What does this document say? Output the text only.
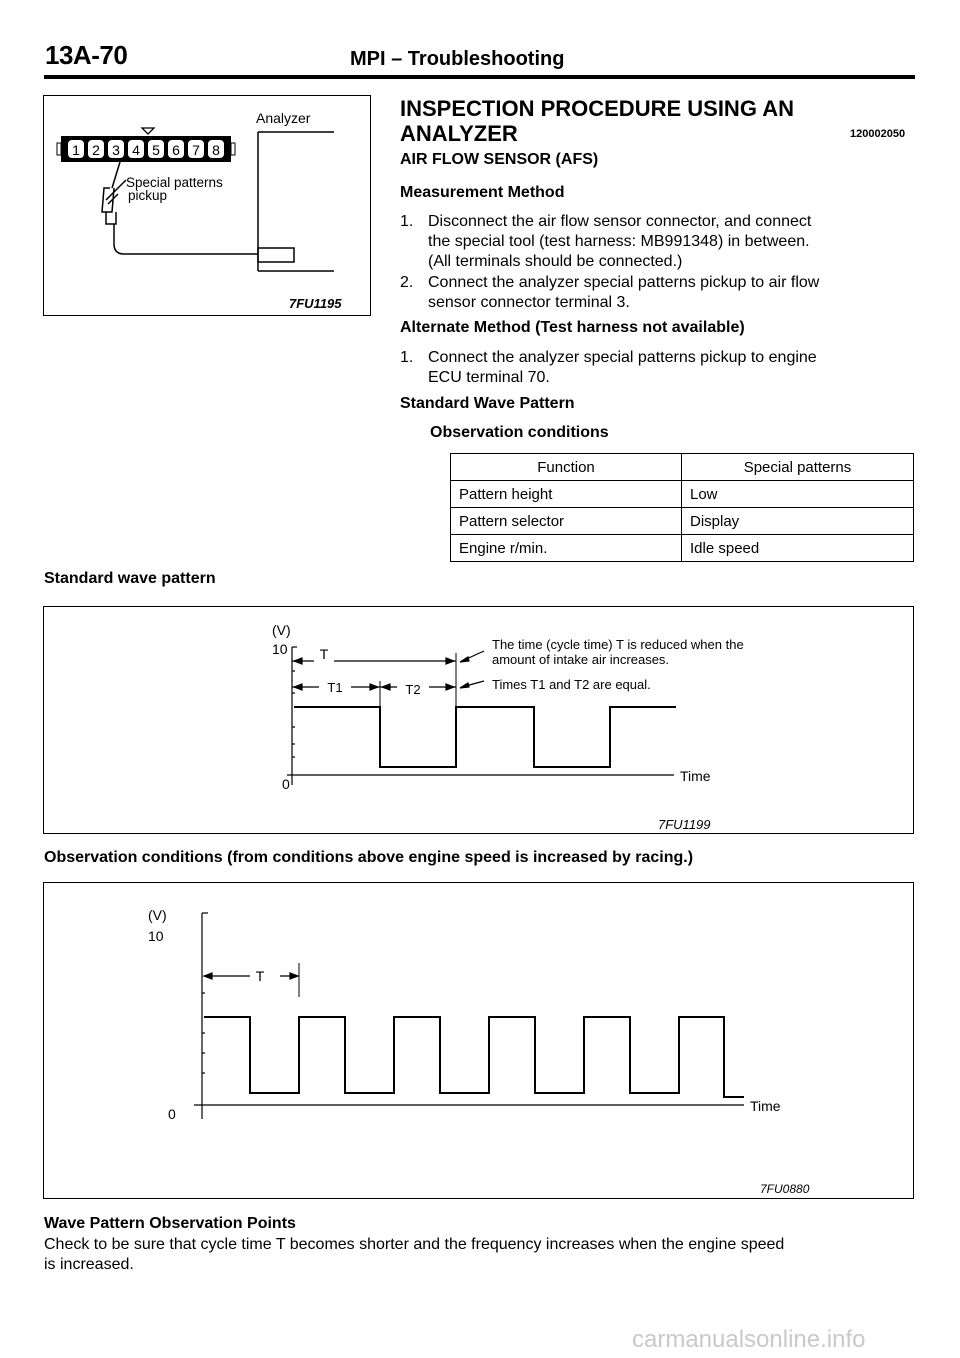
13A-70	MPI – Troubleshooting
Analyzer
1 2 3 4 5 6 7 8
Special patterns
pickup
7FU1195
INSPECTION PROCEDURE USING AN
ANALYZER	120002050
AIR FLOW SENSOR (AFS)
Measurement Method
1. Disconnect the air flow sensor connector, and connect
the special tool (test harness: MB991348) in between.
(All terminals should be connected.)
2. Connect the analyzer special patterns pickup to air flow
sensor connector terminal 3.
Alternate Method (Test harness not available)
1. Connect the analyzer special patterns pickup to engine
ECU terminal 70.
Standard Wave Pattern
Observation conditions
Function	Special patterns
Pattern height	Low
Pattern selector	Display
Engine r/min.	Idle speed
Standard wave pattern
(V)
10
0
T
T1	T2
The time (cycle time) T is reduced when the
amount of intake air increases.
Times T1 and T2 are equal.
Time
7FU1199
Observation conditions (from conditions above engine speed is increased by racing.)
(V)
10
0
T
Time
7FU0880
Wave Pattern Observation Points
Check to be sure that cycle time T becomes shorter and the frequency increases when the engine speed
is increased.
carmanualsonline.info
